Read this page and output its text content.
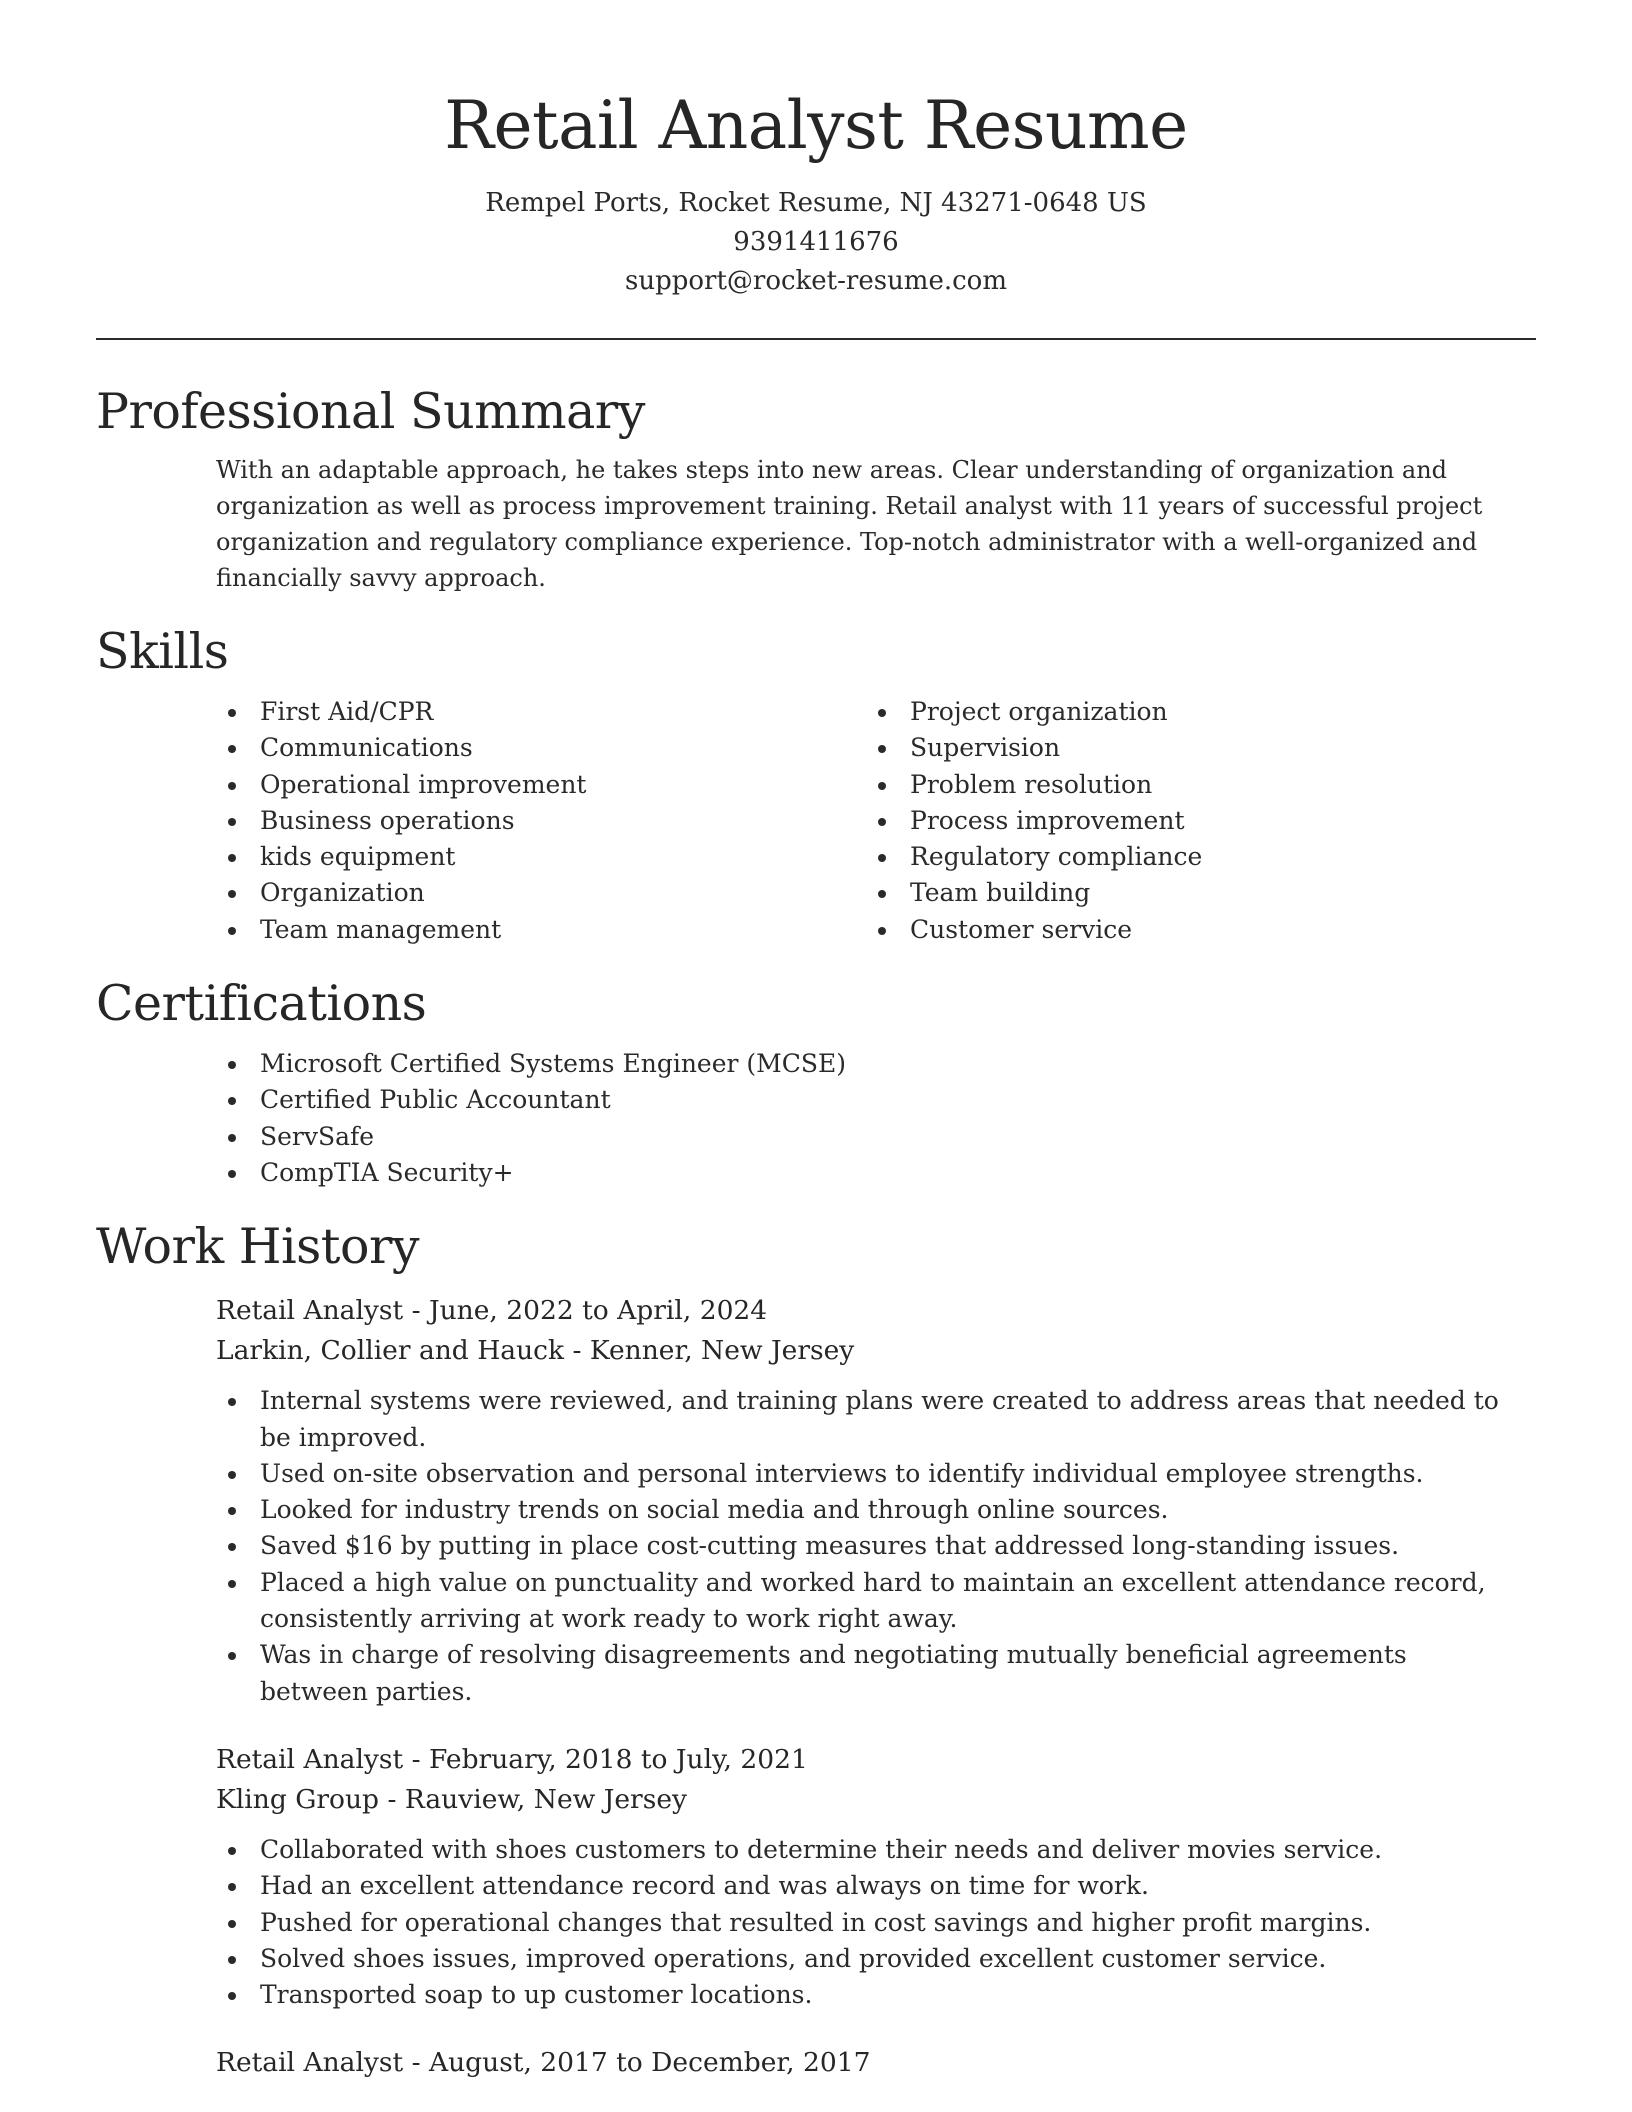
Retail Analyst Resume
Rempel Ports, Rocket Resume, NJ 43271-0648 US
9391411676
support@rocket-resume.com
Professional Summary

With an adaptable approach, he takes steps into new areas. Clear understanding of organization and organization as well as process improvement training. Retail analyst with 11 years of successful project organization and regulatory compliance experience. Top-notch administrator with a well-organized and financially savvy approach.

Skills
First Aid/CPR
Communications
Operational improvement
Business operations
kids equipment
Organization
Team management
Project organization
Supervision
Problem resolution
Process improvement
Regulatory compliance
Team building
Customer service
Certifications
Microsoft Certified Systems Engineer (MCSE)
Certified Public Accountant
ServSafe
CompTIA Security+
Work History
Retail Analyst - June, 2022 to April, 2024
Larkin, Collier and Hauck - Kenner, New Jersey
Internal systems were reviewed, and training plans were created to address areas that needed to be improved.
Used on-site observation and personal interviews to identify individual employee strengths.
Looked for industry trends on social media and through online sources.
Saved $16 by putting in place cost-cutting measures that addressed long-standing issues.
Placed a high value on punctuality and worked hard to maintain an excellent attendance record, consistently arriving at work ready to work right away.
Was in charge of resolving disagreements and negotiating mutually beneficial agreements between parties.
Retail Analyst - February, 2018 to July, 2021
Kling Group - Rauview, New Jersey
Collaborated with shoes customers to determine their needs and deliver movies service.
Had an excellent attendance record and was always on time for work.
Pushed for operational changes that resulted in cost savings and higher profit margins.
Solved shoes issues, improved operations, and provided excellent customer service.
Transported soap to up customer locations.
Retail Analyst - August, 2017 to December, 2017
